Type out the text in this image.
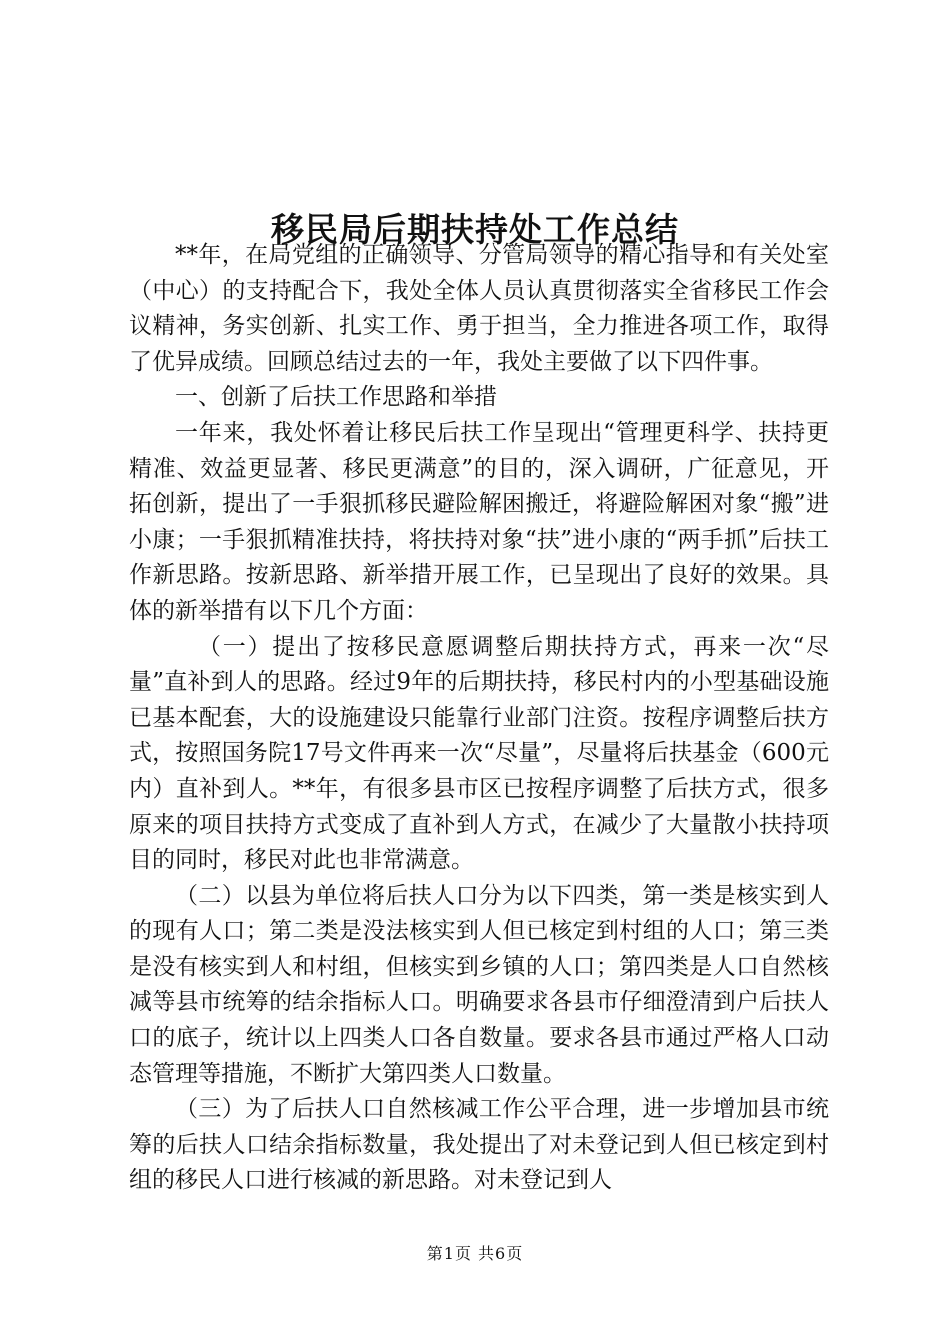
移民局后期扶持处工作总结

**年，在局党组的正确领导、分管局领导的精心指导和有关处室（中心）的支持配合下，我处全体人员认真贯彻落实全省移民工作会议精神，务实创新、扎实工作、勇于担当，全力推进各项工作，取得了优异成绩。回顾总结过去的一年，我处主要做了以下四件事。

一、创新了后扶工作思路和举措

一年来，我处怀着让移民后扶工作呈现出“管理更科学、扶持更精准、效益更显著、移民更满意”的目的，深入调研，广征意见，开拓创新，提出了一手狠抓移民避险解困搬迁，将避险解困对象“搬”进小康；一手狠抓精准扶持，将扶持对象“扶”进小康的“两手抓”后扶工作新思路。按新思路、新举措开展工作，已呈现出了良好的效果。具体的新举措有以下几个方面：

（一）提出了按移民意愿调整后期扶持方式，再来一次“尽量”直补到人的思路。经过9年的后期扶持，移民村内的小型基础设施已基本配套，大的设施建设只能靠行业部门注资。按程序调整后扶方式，按照国务院17号文件再来一次“尽量”，尽量将后扶基金（600元内）直补到人。**年，有很多县市区已按程序调整了后扶方式，很多原来的项目扶持方式变成了直补到人方式，在减少了大量散小扶持项目的同时，移民对此也非常满意。

（二）以县为单位将后扶人口分为以下四类，第一类是核实到人的现有人口；第二类是没法核实到人但已核定到村组的人口；第三类是没有核实到人和村组，但核实到乡镇的人口；第四类是人口自然核减等县市统筹的结余指标人口。明确要求各县市仔细澄清到户后扶人口的底子，统计以上四类人口各自数量。要求各县市通过严格人口动态管理等措施，不断扩大第四类人口数量。

（三）为了后扶人口自然核减工作公平合理，进一步增加县市统筹的后扶人口结余指标数量，我处提出了对未登记到人但已核定到村组的移民人口进行核减的新思路。对未登记到人

第1页 共6页
